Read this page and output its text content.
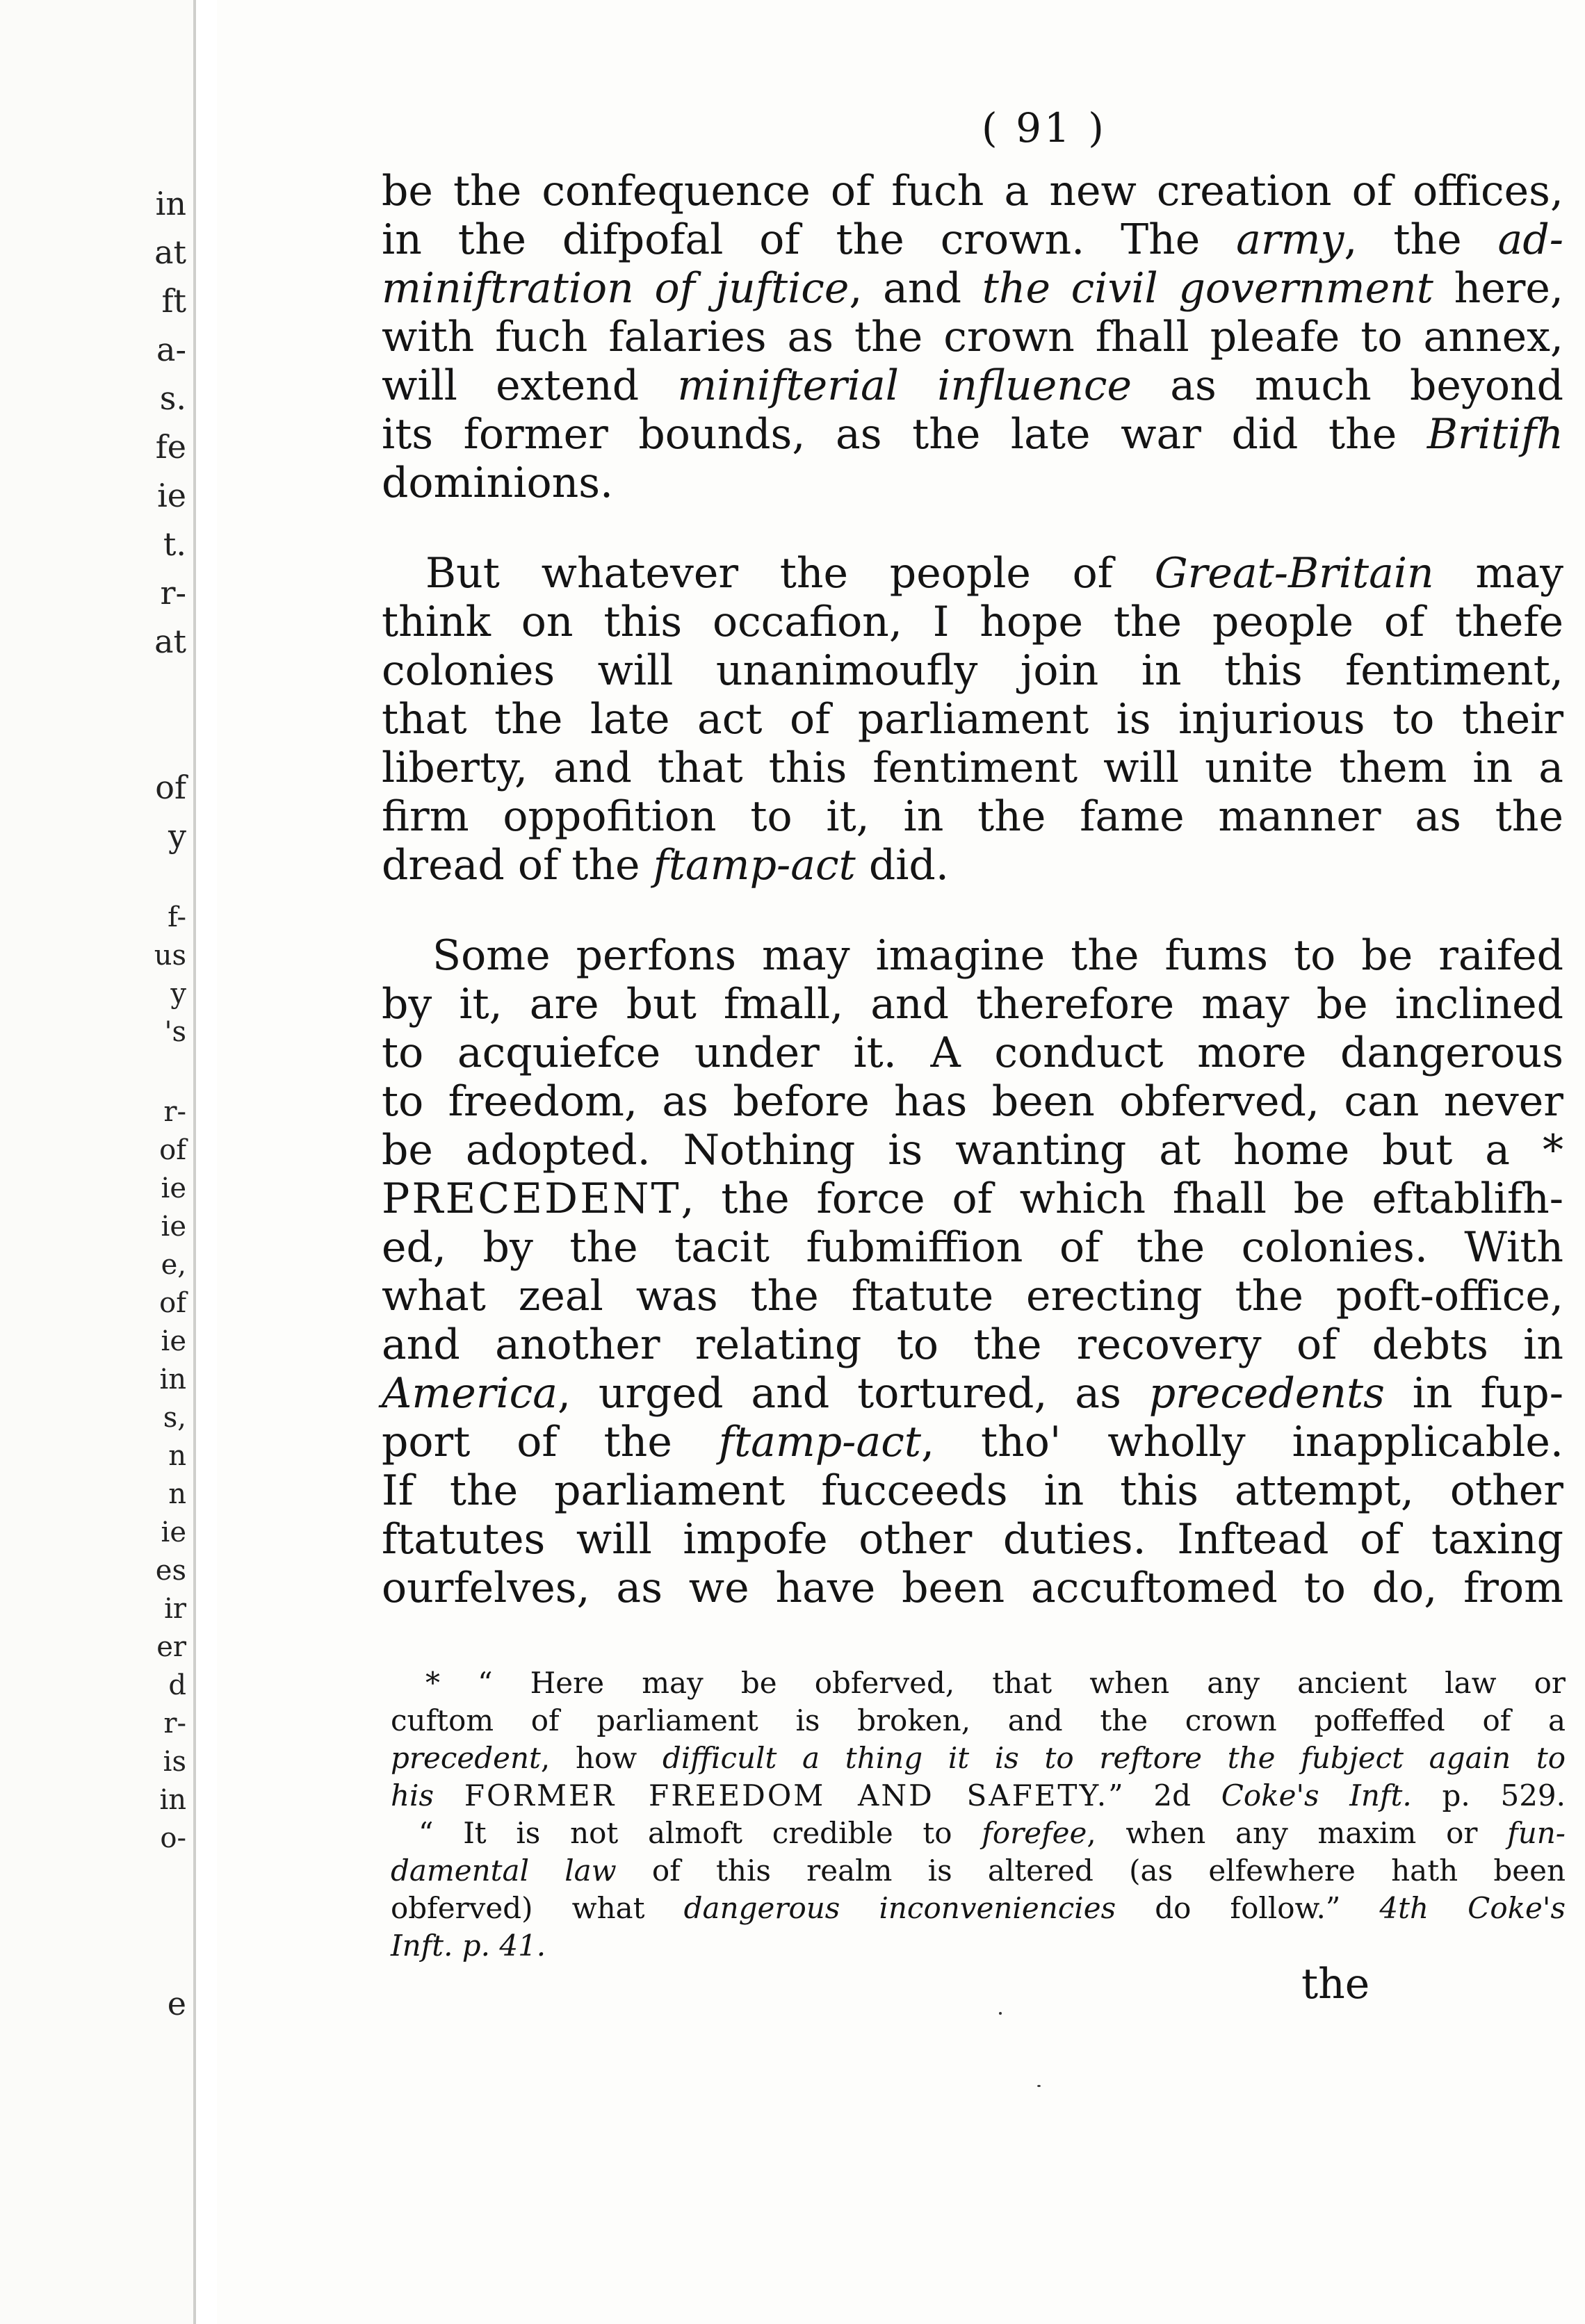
in
at
ft
a-
s.
fe
ie
t.
r-
at
of
y
f-
us
y
's
r-
of
ie
ie
e,
of
ie
in
s,
n
n
ie
es
ir
er
d
r-
is
in
o-
e
( 91 )
be the confequence of fuch a new creation of offices,
in the difpofal of the crown. The army, the ad-
miniftration of juftice, and the civil government here,
with fuch falaries as the crown fhall pleafe to annex,
will extend minifterial influence as much beyond
its former bounds, as the late war did the Britifh
dominions.
But whatever the people of Great-Britain may
think on this occafion, I hope the people of thefe
colonies will unanimoufly join in this fentiment,
that the late act of parliament is injurious to their
liberty, and that this fentiment will unite them in a
firm oppofition to it, in the fame manner as the
dread of the ftamp-act did.
Some perfons may imagine the fums to be raifed
by it, are but fmall, and therefore may be inclined
to acquiefce under it. A conduct more dangerous
to freedom, as before has been obferved, can never
be adopted. Nothing is wanting at home but a *
PRECEDENT, the force of which fhall be eftablifh-
ed, by the tacit fubmiffion of the colonies. With
what zeal was the ftatute erecting the poft-office,
and another relating to the recovery of debts in
America, urged and tortured, as precedents in fup-
port of the ftamp-act, tho' wholly inapplicable.
If the parliament fucceeds in this attempt, other
ftatutes will impofe other duties. Inftead of taxing
ourfelves, as we have been accuftomed to do, from
* “ Here may be obferved, that when any ancient law or
cuftom of parliament is broken, and the crown poffeffed of a
precedent, how difficult a thing it is to reftore the fubject again to
his FORMER FREEDOM AND SAFETY.” 2d Coke's Inft. p. 529.
“ It is not almoft credible to forefee, when any maxim or fun-
damental law of this realm is altered (as elfewhere hath been
obferved) what dangerous inconveniencies do follow.” 4th Coke's
Inft. p. 41.
the
